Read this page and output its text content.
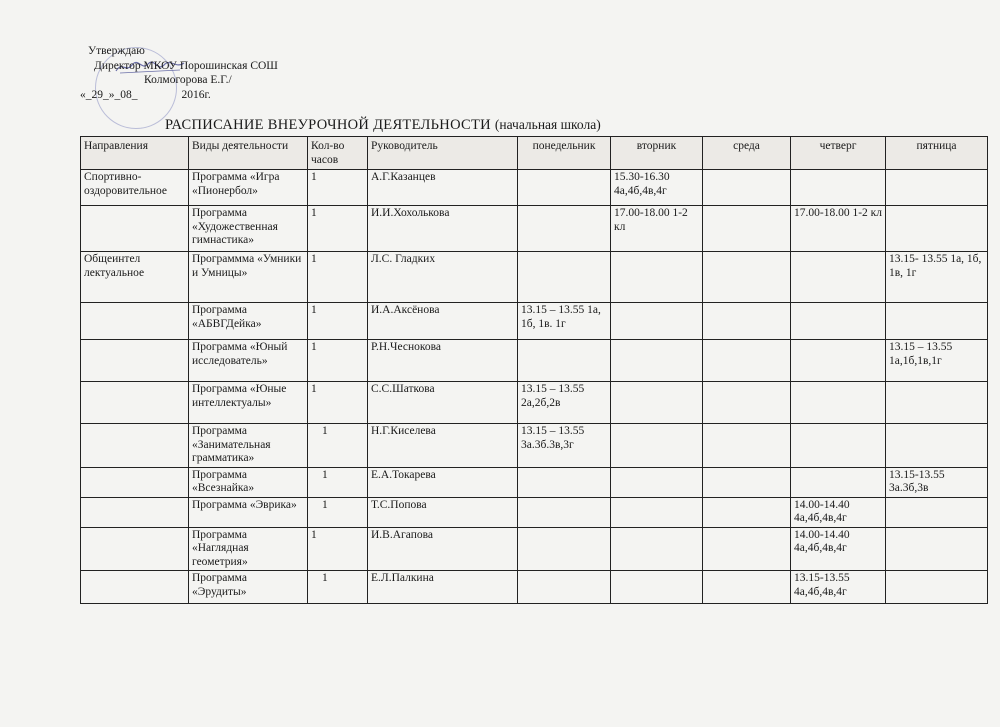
Утверждаю
Директор МКОУ Порошинская СОШ
Колмогорова Е.Г./
«_29_»_08_	2016г.
РАСПИСАНИЕ ВНЕУРОЧНОЙ ДЕЯТЕЛЬНОСТИ (начальная школа)
Направления	Виды деятельности	Кол-во часов	Руководитель	понедельник	вторник	среда	четверг	пятница
Спортивно-оздоровительное	Программа «Игра «Пионербол»	1	А.Г.Казанцев		15.30-16.30 4а,4б,4в,4г			
	Программа «Художественная гимнастика»	1	И.И.Хохолькова		17.00-18.00 1-2 кл		17.00-18.00 1-2 кл	
Общеинтел лектуальное	Программма «Умники и Умницы»	1	Л.С. Гладких					13.15- 13.55 1а, 1б, 1в, 1г
	Программа «АБВГДейка»	1	И.А.Аксёнова	13.15 – 13.55 1а, 1б, 1в. 1г				
	Программа «Юный исследователь»	1	Р.Н.Чеснокова					13.15 – 13.55 1а,1б,1в,1г
	Программа «Юные интеллектуалы»	1	С.С.Шаткова	13.15 – 13.55 2а,2б,2в				
	Программа «Занимательная грамматика»	1	Н.Г.Киселева	13.15 – 13.55 3а.3б.3в,3г				
	Программа «Всезнайка»	1	Е.А.Токарева					13.15-13.55 3а.3б,3в
	Программа «Эврика»	1	Т.С.Попова				14.00-14.40 4а,4б,4в,4г	
	Программа «Наглядная геометрия»	1	И.В.Агапова				14.00-14.40 4а,4б,4в,4г	
	Программа «Эрудиты»	1	Е.Л.Палкина				13.15-13.55 4а,4б,4в,4г	
